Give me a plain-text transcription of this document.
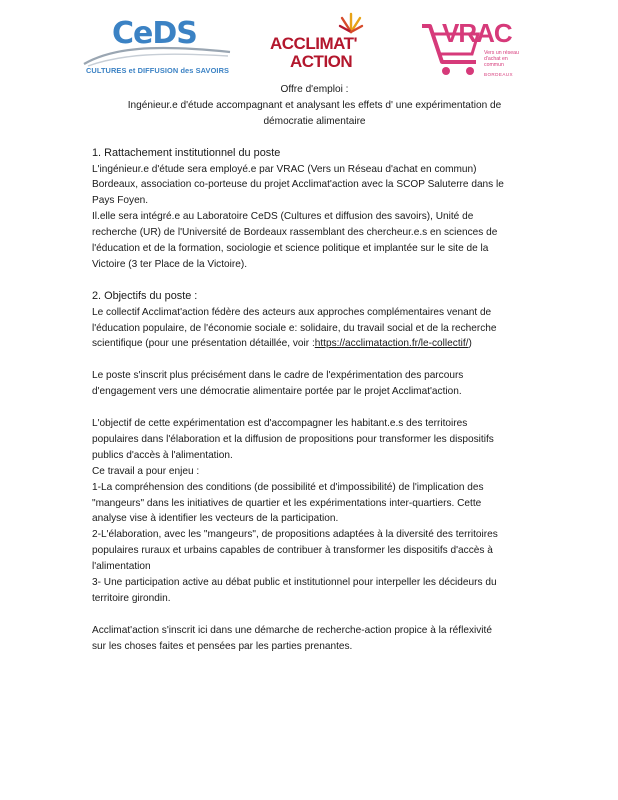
CeDS
CULTURES et DIFFUSION des SAVOIRS
ACCLIMAT'
ACTION
VRAC
Vers un réseau d'achat en commun
BORDEAUX

Offre d'emploi :

Ingénieur.e d'étude accompagnant et analysant les effets d' une expérimentation de

démocratie alimentaire

1. Rattachement institutionnel du poste

L'ingénieur.e d'étude sera employé.e par VRAC (Vers un Réseau d'achat en commun)

Bordeaux, association co-porteuse du projet Acclimat'action avec la SCOP Saluterre dans le

Pays Foyen.

Il.elle sera intégré.e au Laboratoire CeDS (Cultures et diffusion des savoirs), Unité de

recherche (UR) de l'Université de Bordeaux rassemblant des chercheur.e.s en sciences de

l'éducation et de la formation, sociologie et science politique et implantée sur le site de la

Victoire (3 ter Place de la Victoire).

2. Objectifs du poste :

Le collectif Acclimat'action fédère des acteurs aux approches complémentaires venant de

l'éducation populaire, de l'économie sociale e: solidaire, du travail social et de la recherche

scientifique (pour une présentation détaillée, voir :https://acclimataction.fr/le-collectif/)

Le poste s'inscrit plus précisément dans le cadre de l'expérimentation des parcours

d'engagement vers une démocratie alimentaire portée par le projet Acclimat'action.

L'objectif de cette expérimentation est d'accompagner les habitant.e.s des territoires

populaires dans l'élaboration et la diffusion de propositions pour transformer les dispositifs

publics d'accès à l'alimentation.

Ce travail a pour enjeu :

1-La compréhension des conditions (de possibilité et d'impossibilité) de l'implication des

"mangeurs" dans les initiatives de quartier et les expérimentations inter-quartiers. Cette

analyse vise à identifier les vecteurs de la participation.

2-L'élaboration, avec les "mangeurs", de propositions adaptées à la diversité des territoires

populaires ruraux et urbains capables de contribuer à transformer les dispositifs d'accès à

l'alimentation

3- Une participation active au débat public et institutionnel pour interpeller les décideurs du

territoire girondin.

Acclimat'action s'inscrit ici dans une démarche de recherche-action propice à la réflexivité

sur les choses faites et pensées par les parties prenantes.
